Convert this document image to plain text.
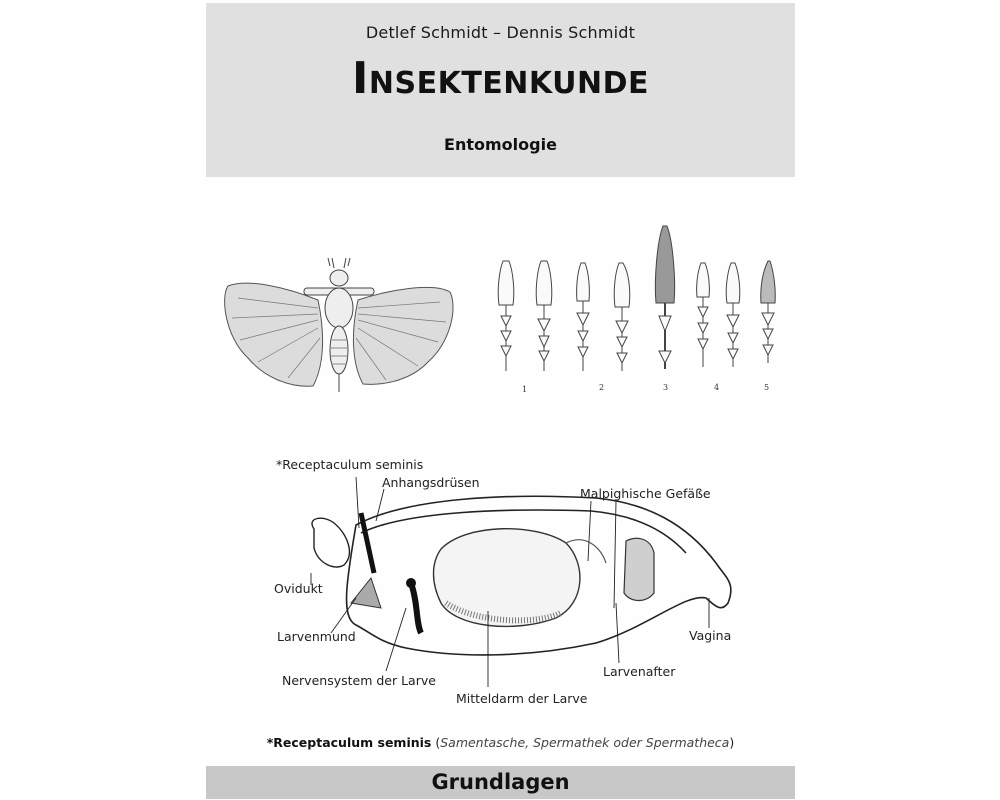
Detlef Schmidt – Dennis Schmidt
INSEKTENKUNDE
Entomologie
1	2	3	4	5
*Receptaculum seminis
Anhangsdrüsen
Malpighische Gefäße
Ovidukt
Larvenmund	Vagina
Larvenafter
Nervensystem der Larve
Mitteldarm der Larve
*Receptaculum seminis (Samentasche, Spermathek oder Spermatheca)
Grundlagen
